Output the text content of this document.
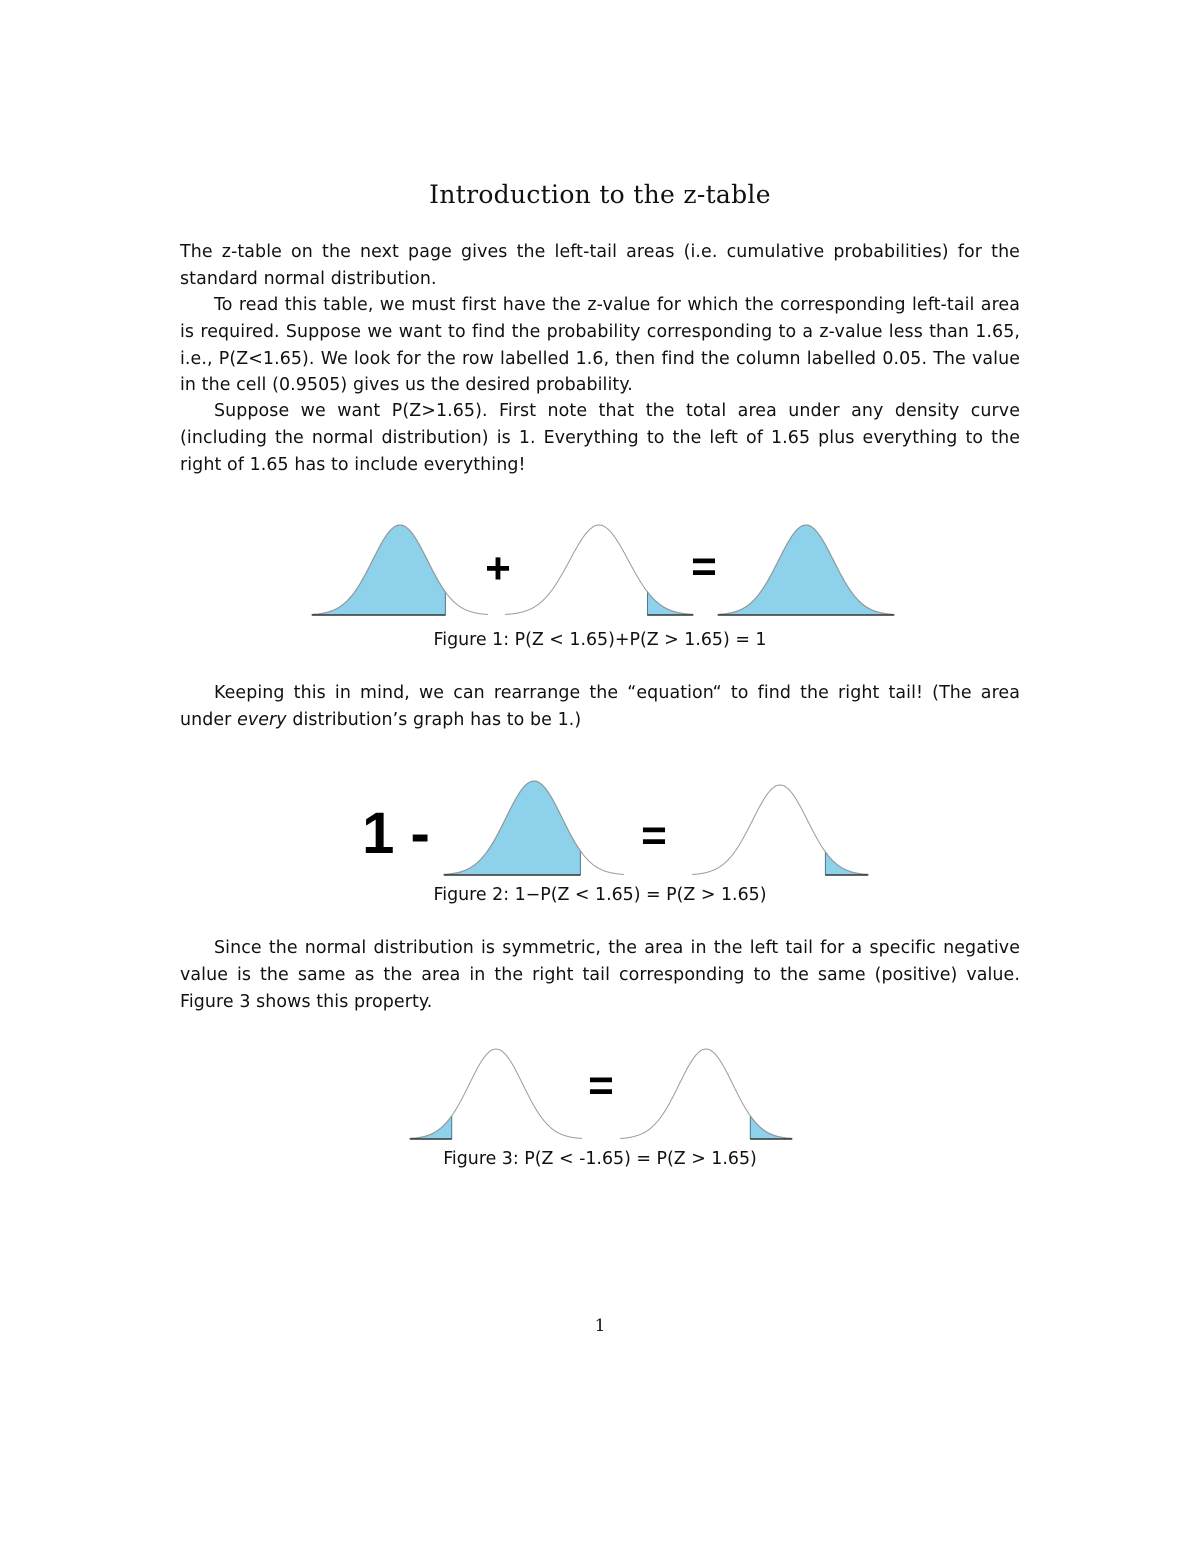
Introduction to the z-table

The z-table on the next page gives the left-tail areas (i.e. cumulative probabilities) for the standard normal distribution.

To read this table, we must first have the z-value for which the corresponding left-tail area is required. Suppose we want to find the probability corresponding to a z-value less than 1.65, i.e., P(Z<1.65). We look for the row labelled 1.6, then find the column labelled 0.05. The value in the cell (0.9505) gives us the desired probability.

Suppose we want P(Z>1.65). First note that the total area under any density curve (including the normal distribution) is 1. Everything to the left of 1.65 plus everything to the right of 1.65 has to include everything!

+	=
1 -	=
=

Figure 1: P(Z < 1.65)+P(Z > 1.65) = 1

Keeping this in mind, we can rearrange the “equation“ to find the right tail! (The area under every distribution’s graph has to be 1.)

Figure 2: 1−P(Z < 1.65) = P(Z > 1.65)

Since the normal distribution is symmetric, the area in the left tail for a specific negative value is the same as the area in the right tail corresponding to the same (positive) value. Figure 3 shows this property.

Figure 3: P(Z < -1.65) = P(Z > 1.65)

1
